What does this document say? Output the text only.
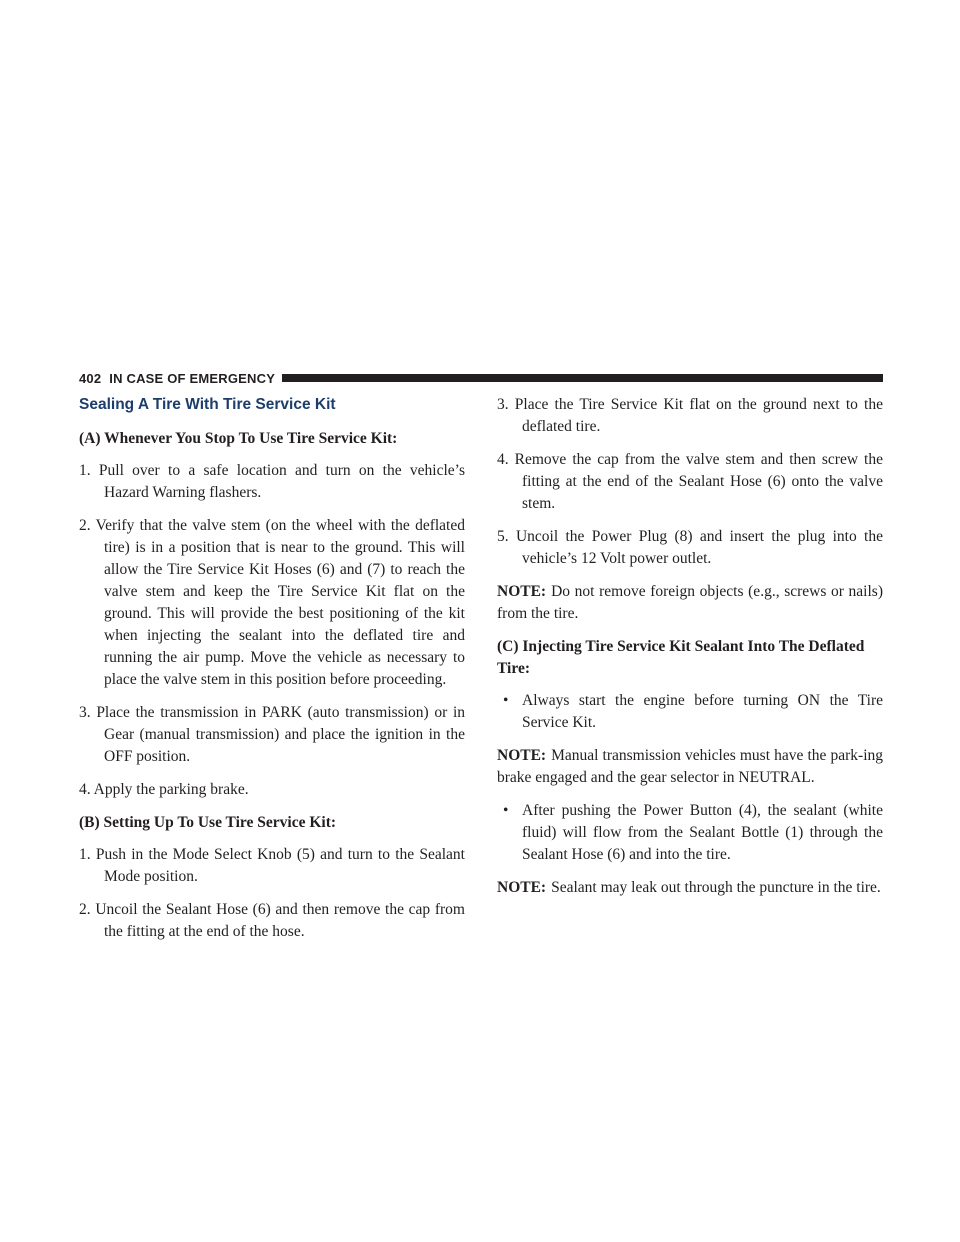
402 IN CASE OF EMERGENCY
Sealing A Tire With Tire Service Kit
(A) Whenever You Stop To Use Tire Service Kit:
1. Pull over to a safe location and turn on the vehicle’s Hazard Warning flashers.
2. Verify that the valve stem (on the wheel with the deflated tire) is in a position that is near to the ground. This will allow the Tire Service Kit Hoses (6) and (7) to reach the valve stem and keep the Tire Service Kit flat on the ground. This will provide the best positioning of the kit when injecting the sealant into the deflated tire and running the air pump. Move the vehicle as necessary to place the valve stem in this position before proceeding.
3. Place the transmission in PARK (auto transmission) or in Gear (manual transmission) and place the ignition in the OFF position.
4. Apply the parking brake.
(B) Setting Up To Use Tire Service Kit:
1. Push in the Mode Select Knob (5) and turn to the Sealant Mode position.
2. Uncoil the Sealant Hose (6) and then remove the cap from the fitting at the end of the hose.
3. Place the Tire Service Kit flat on the ground next to the deflated tire.
4. Remove the cap from the valve stem and then screw the fitting at the end of the Sealant Hose (6) onto the valve stem.
5. Uncoil the Power Plug (8) and insert the plug into the vehicle’s 12 Volt power outlet.
NOTE: Do not remove foreign objects (e.g., screws or nails) from the tire.
(C) Injecting Tire Service Kit Sealant Into The Deflated Tire:
• Always start the engine before turning ON the Tire Service Kit.
NOTE: Manual transmission vehicles must have the park-ing brake engaged and the gear selector in NEUTRAL.
• After pushing the Power Button (4), the sealant (white fluid) will flow from the Sealant Bottle (1) through the Sealant Hose (6) and into the tire.
NOTE: Sealant may leak out through the puncture in the tire.
